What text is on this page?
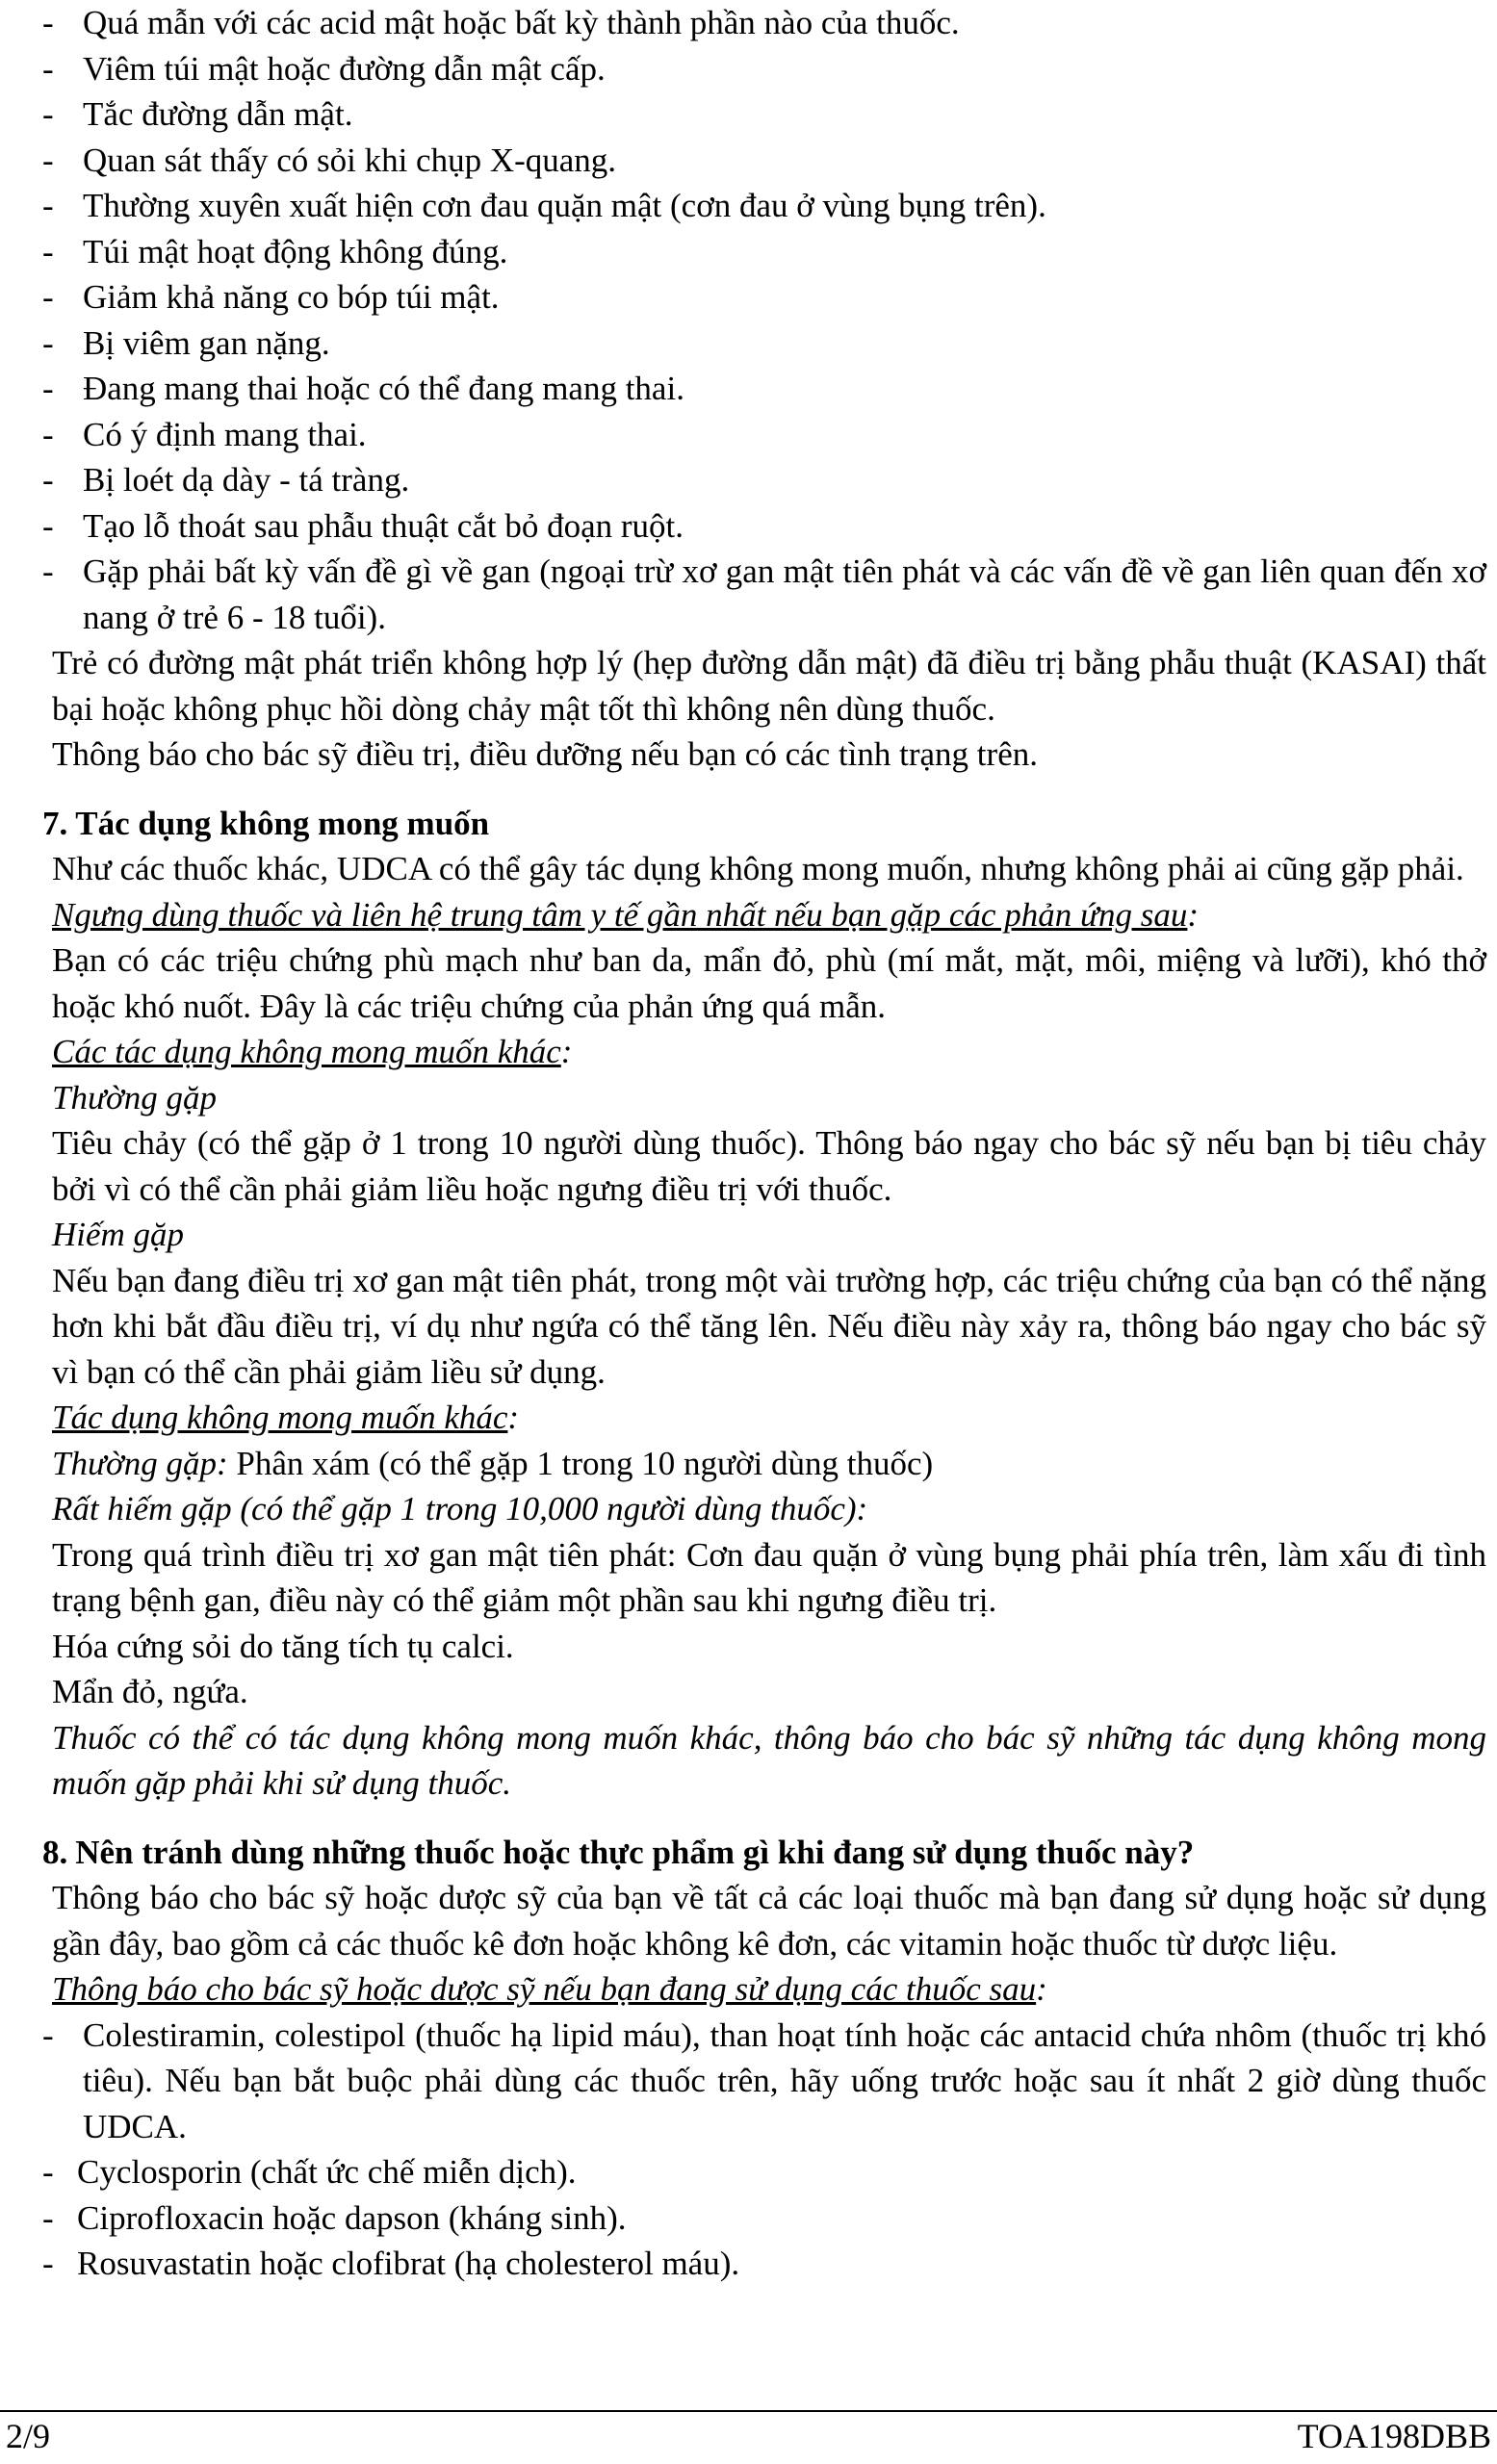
- Quá mẫn với các acid mật hoặc bất kỳ thành phần nào của thuốc.
- Viêm túi mật hoặc đường dẫn mật cấp.
- Tắc đường dẫn mật.
- Quan sát thấy có sỏi khi chụp X-quang.
- Thường xuyên xuất hiện cơn đau quặn mật (cơn đau ở vùng bụng trên).
- Túi mật hoạt động không đúng.
- Giảm khả năng co bóp túi mật.
- Bị viêm gan nặng.
- Đang mang thai hoặc có thể đang mang thai.
- Có ý định mang thai.
- Bị loét dạ dày - tá tràng.
- Tạo lỗ thoát sau phẫu thuật cắt bỏ đoạn ruột.
- Gặp phải bất kỳ vấn đề gì về gan (ngoại trừ xơ gan mật tiên phát và các vấn đề về gan liên quan đến xơ nang ở trẻ 6 - 18 tuổi).
Trẻ có đường mật phát triển không hợp lý (hẹp đường dẫn mật) đã điều trị bằng phẫu thuật (KASAI) thất bại hoặc không phục hồi dòng chảy mật tốt thì không nên dùng thuốc.
Thông báo cho bác sỹ điều trị, điều dưỡng nếu bạn có các tình trạng trên.
7. Tác dụng không mong muốn
Như các thuốc khác, UDCA có thể gây tác dụng không mong muốn, nhưng không phải ai cũng gặp phải.
Ngưng dùng thuốc và liên hệ trung tâm y tế gần nhất nếu bạn gặp các phản ứng sau:
Bạn có các triệu chứng phù mạch như ban da, mẩn đỏ, phù (mí mắt, mặt, môi, miệng và lưỡi), khó thở hoặc khó nuốt. Đây là các triệu chứng của phản ứng quá mẫn.
Các tác dụng không mong muốn khác:
Thường gặp
Tiêu chảy (có thể gặp ở 1 trong 10 người dùng thuốc). Thông báo ngay cho bác sỹ nếu bạn bị tiêu chảy bởi vì có thể cần phải giảm liều hoặc ngưng điều trị với thuốc.
Hiếm gặp
Nếu bạn đang điều trị xơ gan mật tiên phát, trong một vài trường hợp, các triệu chứng của bạn có thể nặng hơn khi bắt đầu điều trị, ví dụ như ngứa có thể tăng lên. Nếu điều này xảy ra, thông báo ngay cho bác sỹ vì bạn có thể cần phải giảm liều sử dụng.
Tác dụng không mong muốn khác:
Thường gặp: Phân xám (có thể gặp 1 trong 10 người dùng thuốc)
Rất hiếm gặp (có thể gặp 1 trong 10,000 người dùng thuốc):
Trong quá trình điều trị xơ gan mật tiên phát: Cơn đau quặn ở vùng bụng phải phía trên, làm xấu đi tình trạng bệnh gan, điều này có thể giảm một phần sau khi ngưng điều trị.
Hóa cứng sỏi do tăng tích tụ calci.
Mẩn đỏ, ngứa.
Thuốc có thể có tác dụng không mong muốn khác, thông báo cho bác sỹ những tác dụng không mong muốn gặp phải khi sử dụng thuốc.
8. Nên tránh dùng những thuốc hoặc thực phẩm gì khi đang sử dụng thuốc này?
Thông báo cho bác sỹ hoặc dược sỹ của bạn về tất cả các loại thuốc mà bạn đang sử dụng hoặc sử dụng gần đây, bao gồm cả các thuốc kê đơn hoặc không kê đơn, các vitamin hoặc thuốc từ dược liệu.
Thông báo cho bác sỹ hoặc dược sỹ nếu bạn đang sử dụng các thuốc sau:
- Colestiramin, colestipol (thuốc hạ lipid máu), than hoạt tính hoặc các antacid chứa nhôm (thuốc trị khó tiêu). Nếu bạn bắt buộc phải dùng các thuốc trên, hãy uống trước hoặc sau ít nhất 2 giờ dùng thuốc UDCA.
- Cyclosporin (chất ức chế miễn dịch).
- Ciprofloxacin hoặc dapson (kháng sinh).
- Rosuvastatin hoặc clofibrat (hạ cholesterol máu).
2/9	TOA198DBB
